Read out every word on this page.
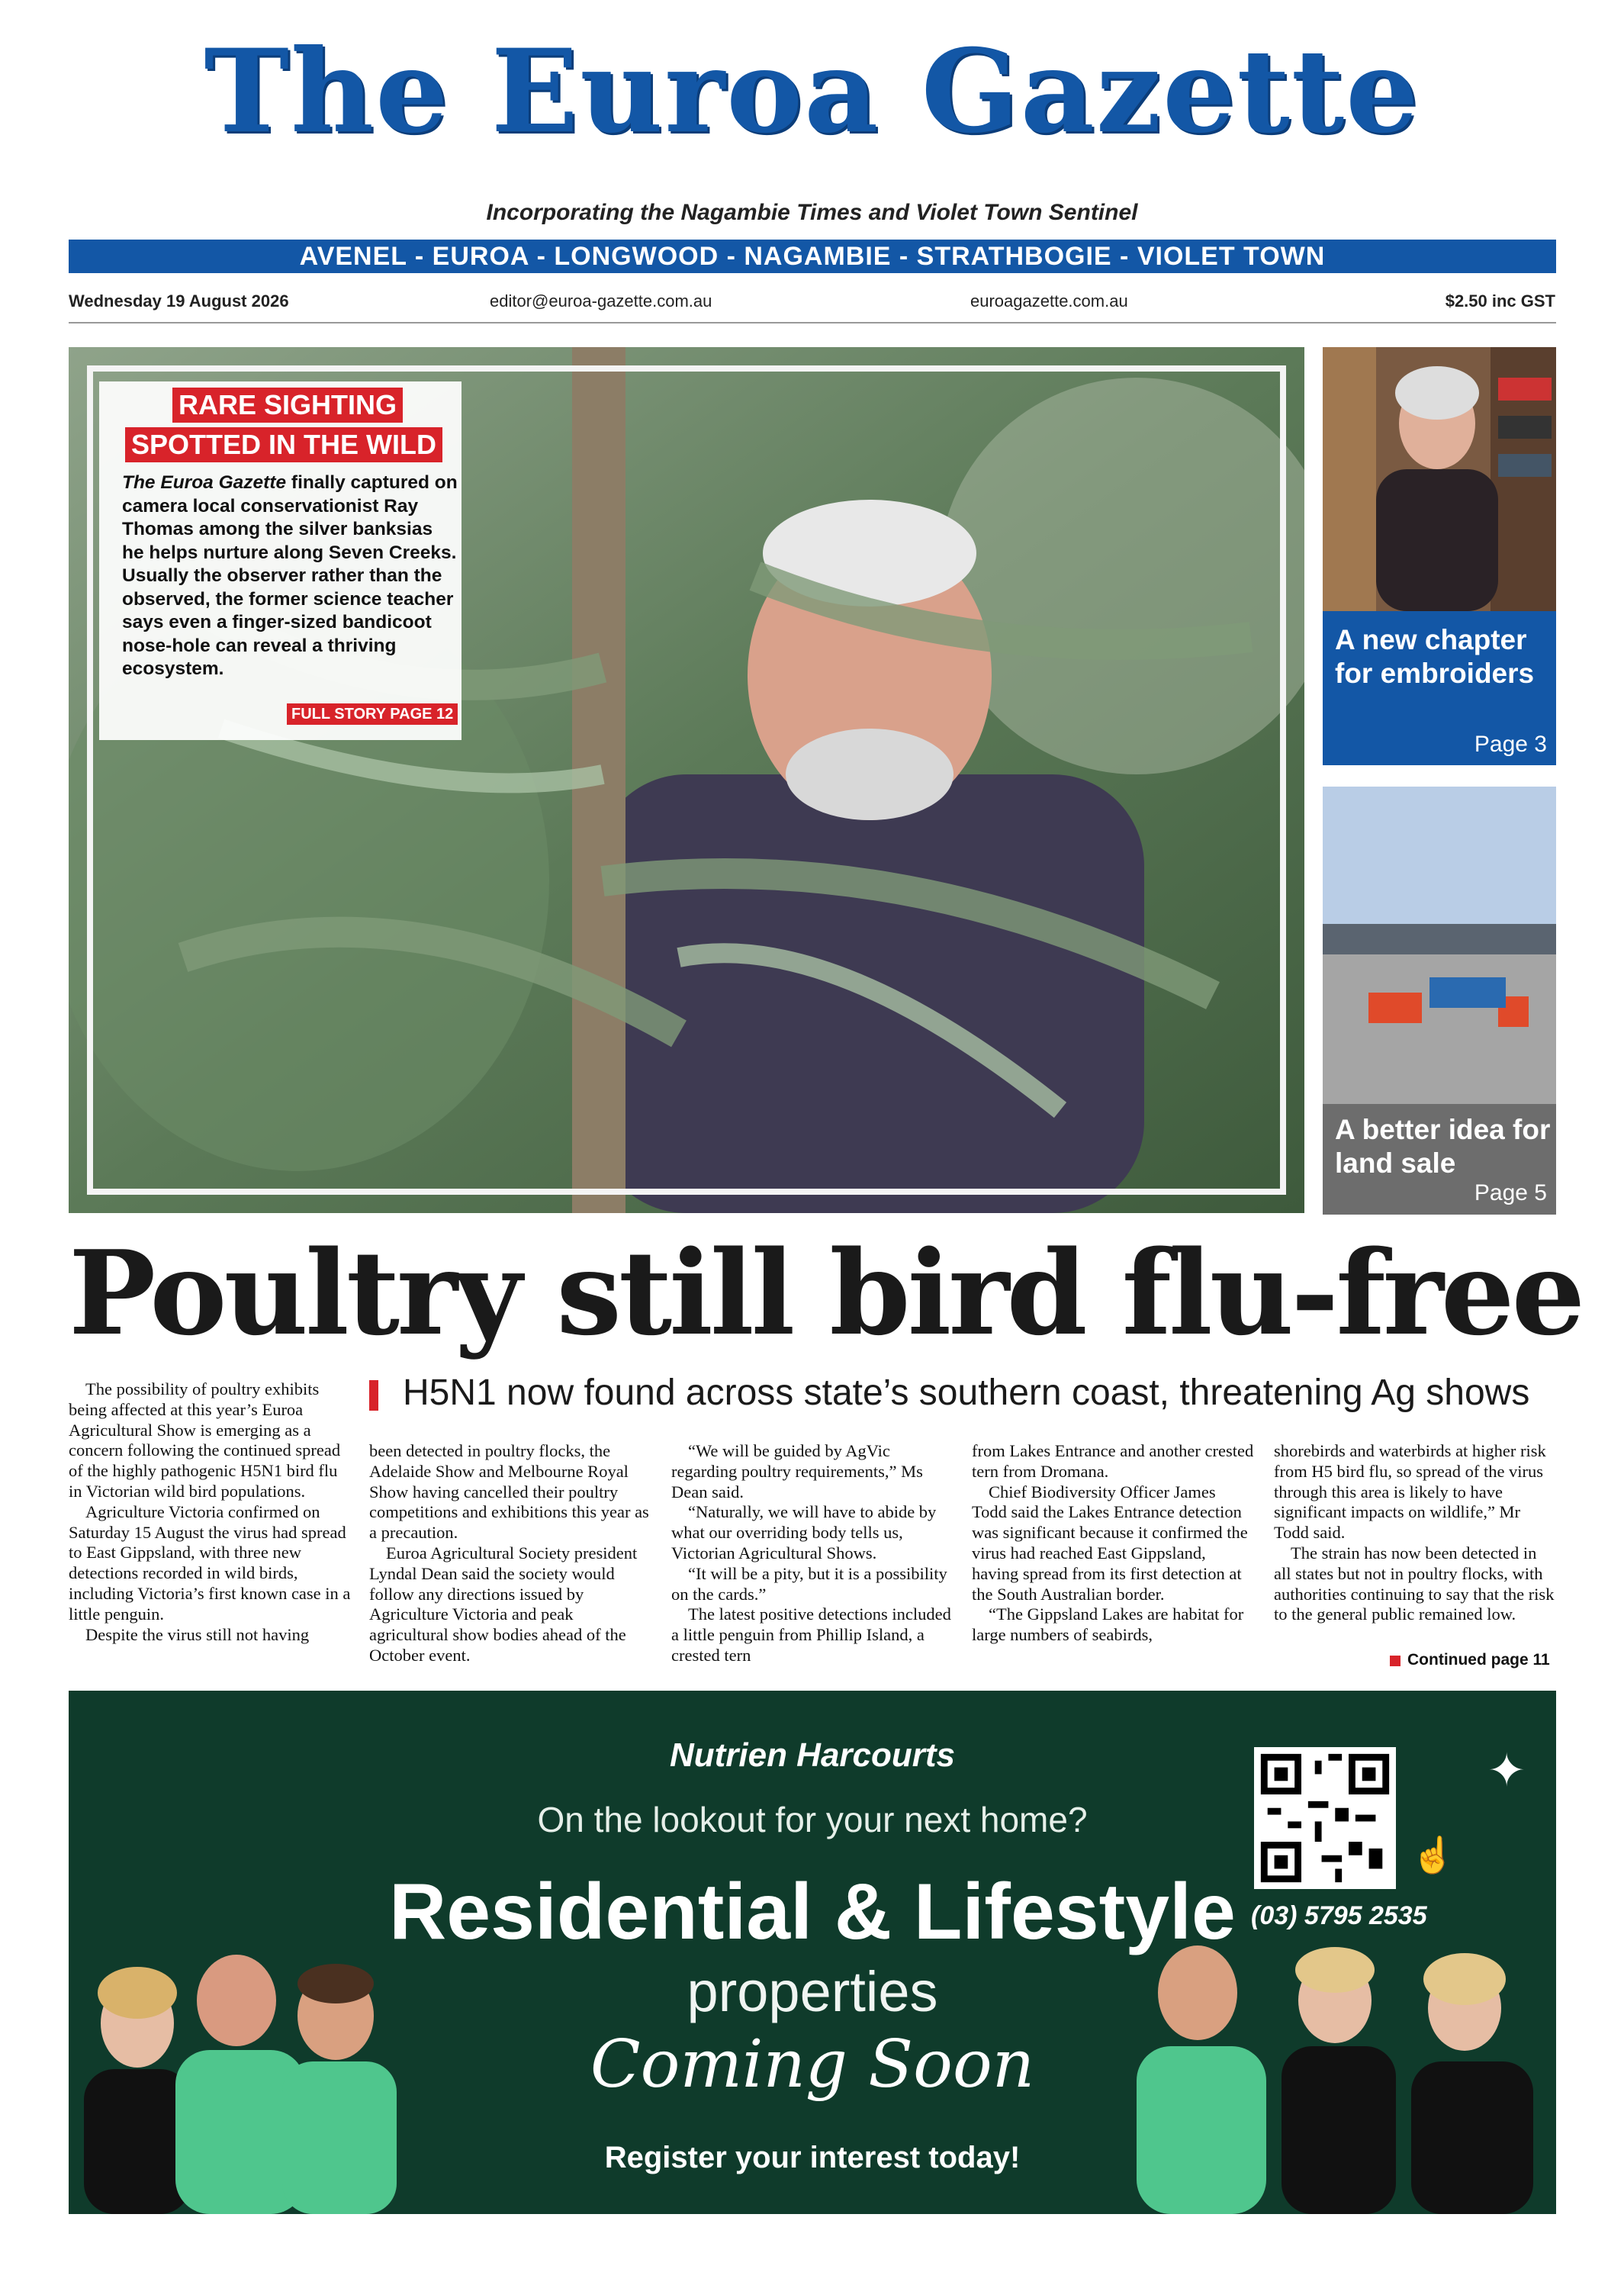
The Euroa Gazette
Incorporating the Nagambie Times and Violet Town Sentinel
AVENEL - EUROA - LONGWOOD - NAGAMBIE - STRATHBOGIE - VIOLET TOWN
Wednesday 19 August 2026	editor@euroa-gazette.com.au	euroagazette.com.au	$2.50 inc GST
RARE SIGHTING
SPOTTED IN THE WILD
The Euroa Gazette finally captured on camera local conservationist Ray Thomas among the silver banksias he helps nurture along Seven Creeks. Usually the observer rather than the observed, the former science teacher says even a finger-sized bandicoot nose-hole can reveal a thriving ecosystem.
FULL STORY PAGE 12
A new chapter for embroiders
Page 3
A better idea for land sale
Page 5
Poultry still bird flu-free
H5N1 now found across state’s southern coast, threatening Ag shows

The possibility of poultry exhibits being affected at this year’s Euroa Agricultural Show is emerging as a concern following the continued spread of the highly pathogenic H5N1 bird flu in Victorian wild bird populations.

Agriculture Victoria confirmed on Saturday 15 August the virus had spread to East Gippsland, with three new detections recorded in wild birds, including Victoria’s first known case in a little penguin.

Despite the virus still not having

been detected in poultry flocks, the Adelaide Show and Melbourne Royal Show having cancelled their poultry competitions and exhibitions this year as a precaution.

Euroa Agricultural Society president Lyndal Dean said the society would follow any directions issued by Agriculture Victoria and peak agricultural show bodies ahead of the October event.

“We will be guided by AgVic regarding poultry requirements,” Ms Dean said.

“Naturally, we will have to abide by what our overriding body tells us, Victorian Agricultural Shows.

“It will be a pity, but it is a possibility on the cards.”

The latest positive detections included a little penguin from Phillip Island, a crested tern

from Lakes Entrance and another crested tern from Dromana.

Chief Biodiversity Officer James Todd said the Lakes Entrance detection was significant because it confirmed the virus had reached East Gippsland, having spread from its first detection at the South Australian border.

“The Gippsland Lakes are habitat for large numbers of seabirds,

shorebirds and waterbirds at higher risk from H5 bird flu, so spread of the virus through this area is likely to have significant impacts on wildlife,” Mr Todd said.

The strain has now been detected in all states but not in poultry flocks, with authorities continuing to say that the risk to the general public remained low.

Continued page 11
Nutrien Harcourts
On the lookout for your next home?
Residential & Lifestyle
properties
Coming Soon
Register your interest today!
☝
✦
(03) 5795 2535
